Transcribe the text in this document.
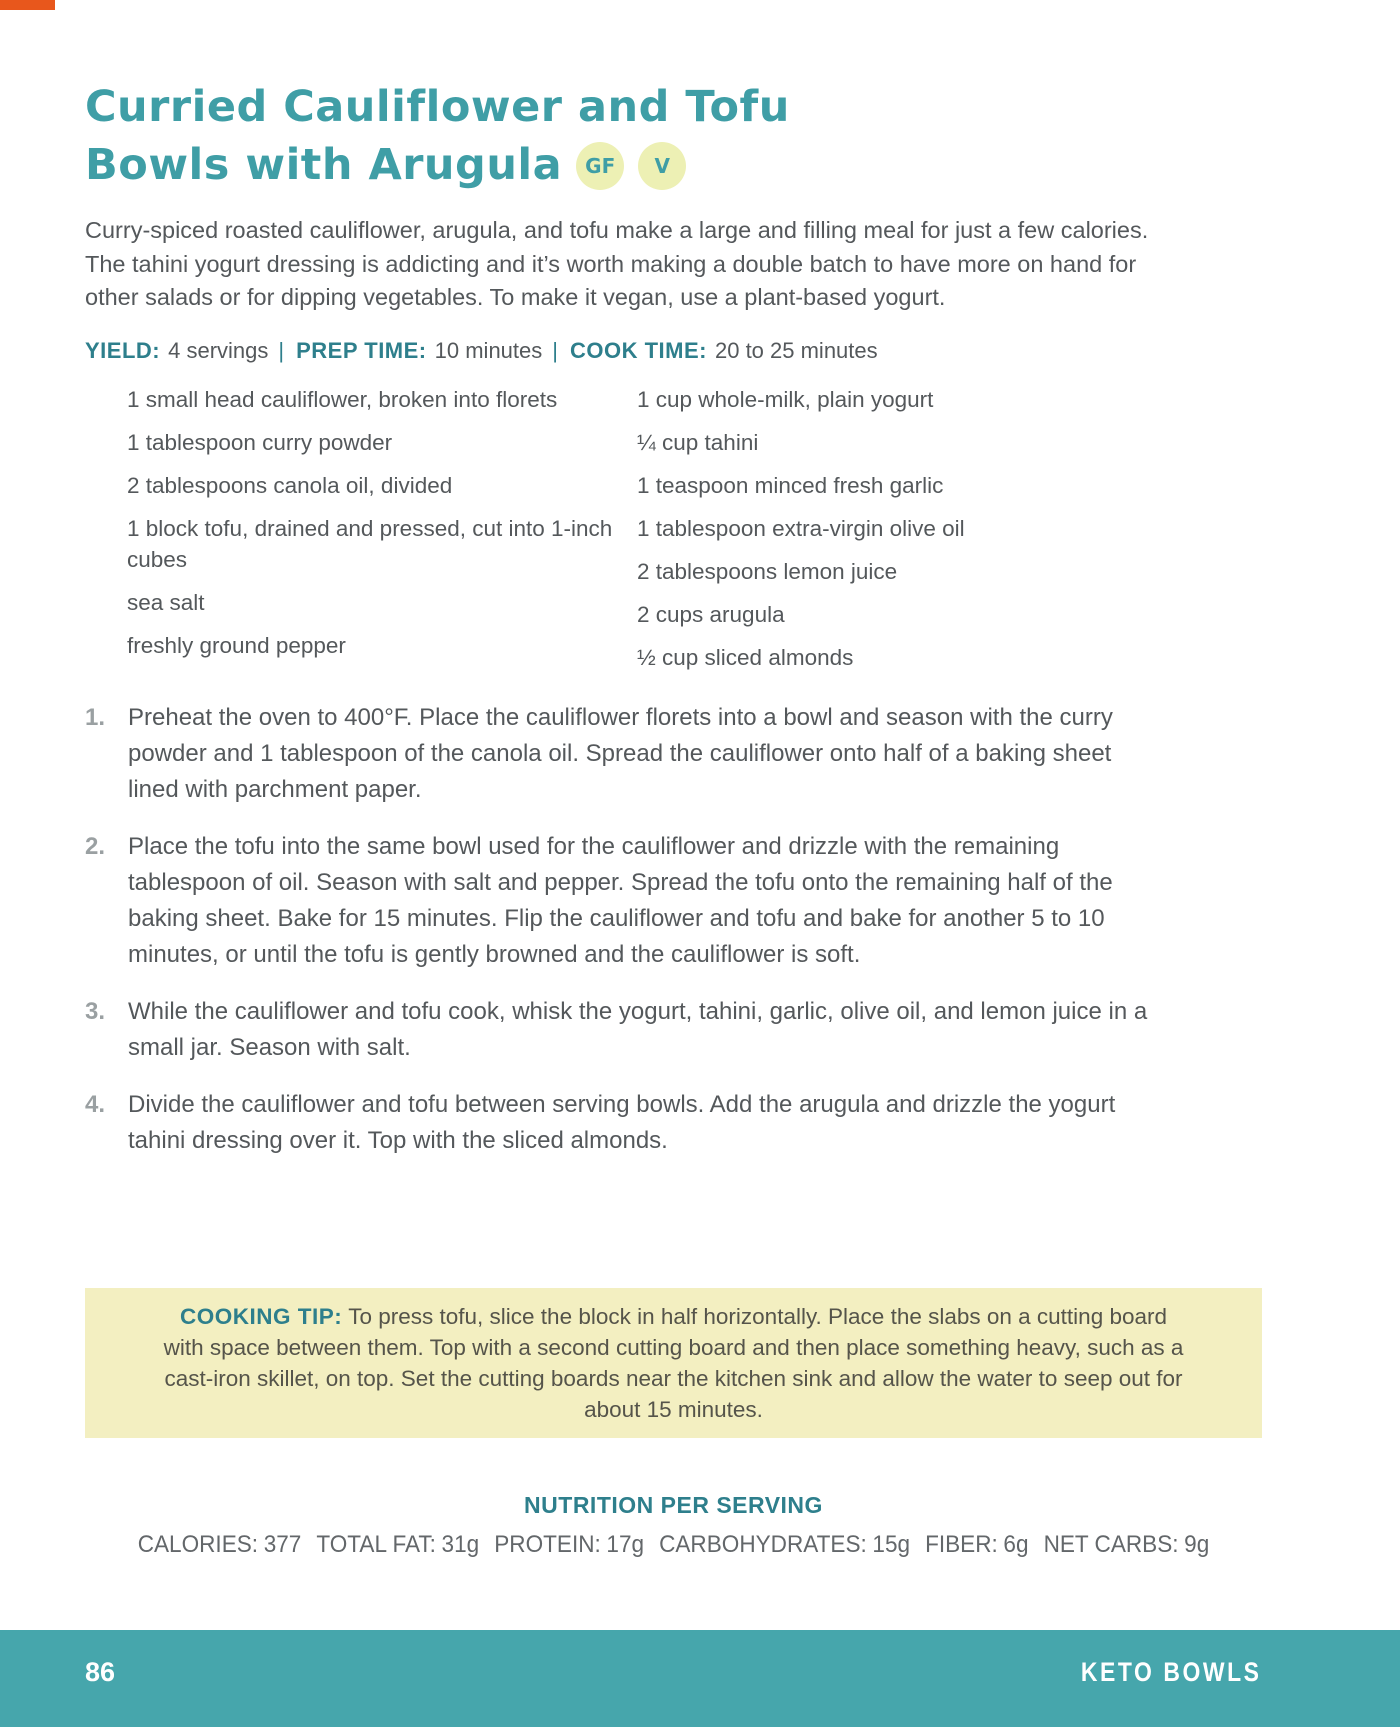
Curried Cauliflower and Tofu
Bowls with Arugula GF V
Curry-spiced roasted cauliflower, arugula, and tofu make a large and filling meal for just a few calories. The tahini yogurt dressing is addicting and it’s worth making a double batch to have more on hand for other salads or for dipping vegetables. To make it vegan, use a plant-based yogurt.
YIELD: 4 servings | PREP TIME: 10 minutes | COOK TIME: 20 to 25 minutes
1 small head cauliflower, broken into florets
1 tablespoon curry powder
2 tablespoons canola oil, divided
1 block tofu, drained and pressed, cut into 1-inch cubes
sea salt
freshly ground pepper
1 cup whole-milk, plain yogurt
¼ cup tahini
1 teaspoon minced fresh garlic
1 tablespoon extra-virgin olive oil
2 tablespoons lemon juice
2 cups arugula
½ cup sliced almonds
1. Preheat the oven to 400°F. Place the cauliflower florets into a bowl and season with the curry powder and 1 tablespoon of the canola oil. Spread the cauliflower onto half of a baking sheet lined with parchment paper.
2. Place the tofu into the same bowl used for the cauliflower and drizzle with the remaining tablespoon of oil. Season with salt and pepper. Spread the tofu onto the remaining half of the baking sheet. Bake for 15 minutes. Flip the cauliflower and tofu and bake for another 5 to 10 minutes, or until the tofu is gently browned and the cauliflower is soft.
3. While the cauliflower and tofu cook, whisk the yogurt, tahini, garlic, olive oil, and lemon juice in a small jar. Season with salt.
4. Divide the cauliflower and tofu between serving bowls. Add the arugula and drizzle the yogurt tahini dressing over it. Top with the sliced almonds.
COOKING TIP: To press tofu, slice the block in half horizontally. Place the slabs on a cutting board with space between them. Top with a second cutting board and then place something heavy, such as a cast-iron skillet, on top. Set the cutting boards near the kitchen sink and allow the water to seep out for about 15 minutes.
NUTRITION PER SERVING
CALORIES: 377 TOTAL FAT: 31g PROTEIN: 17g CARBOHYDRATES: 15g FIBER: 6g NET CARBS: 9g
86	KETO BOWLS
